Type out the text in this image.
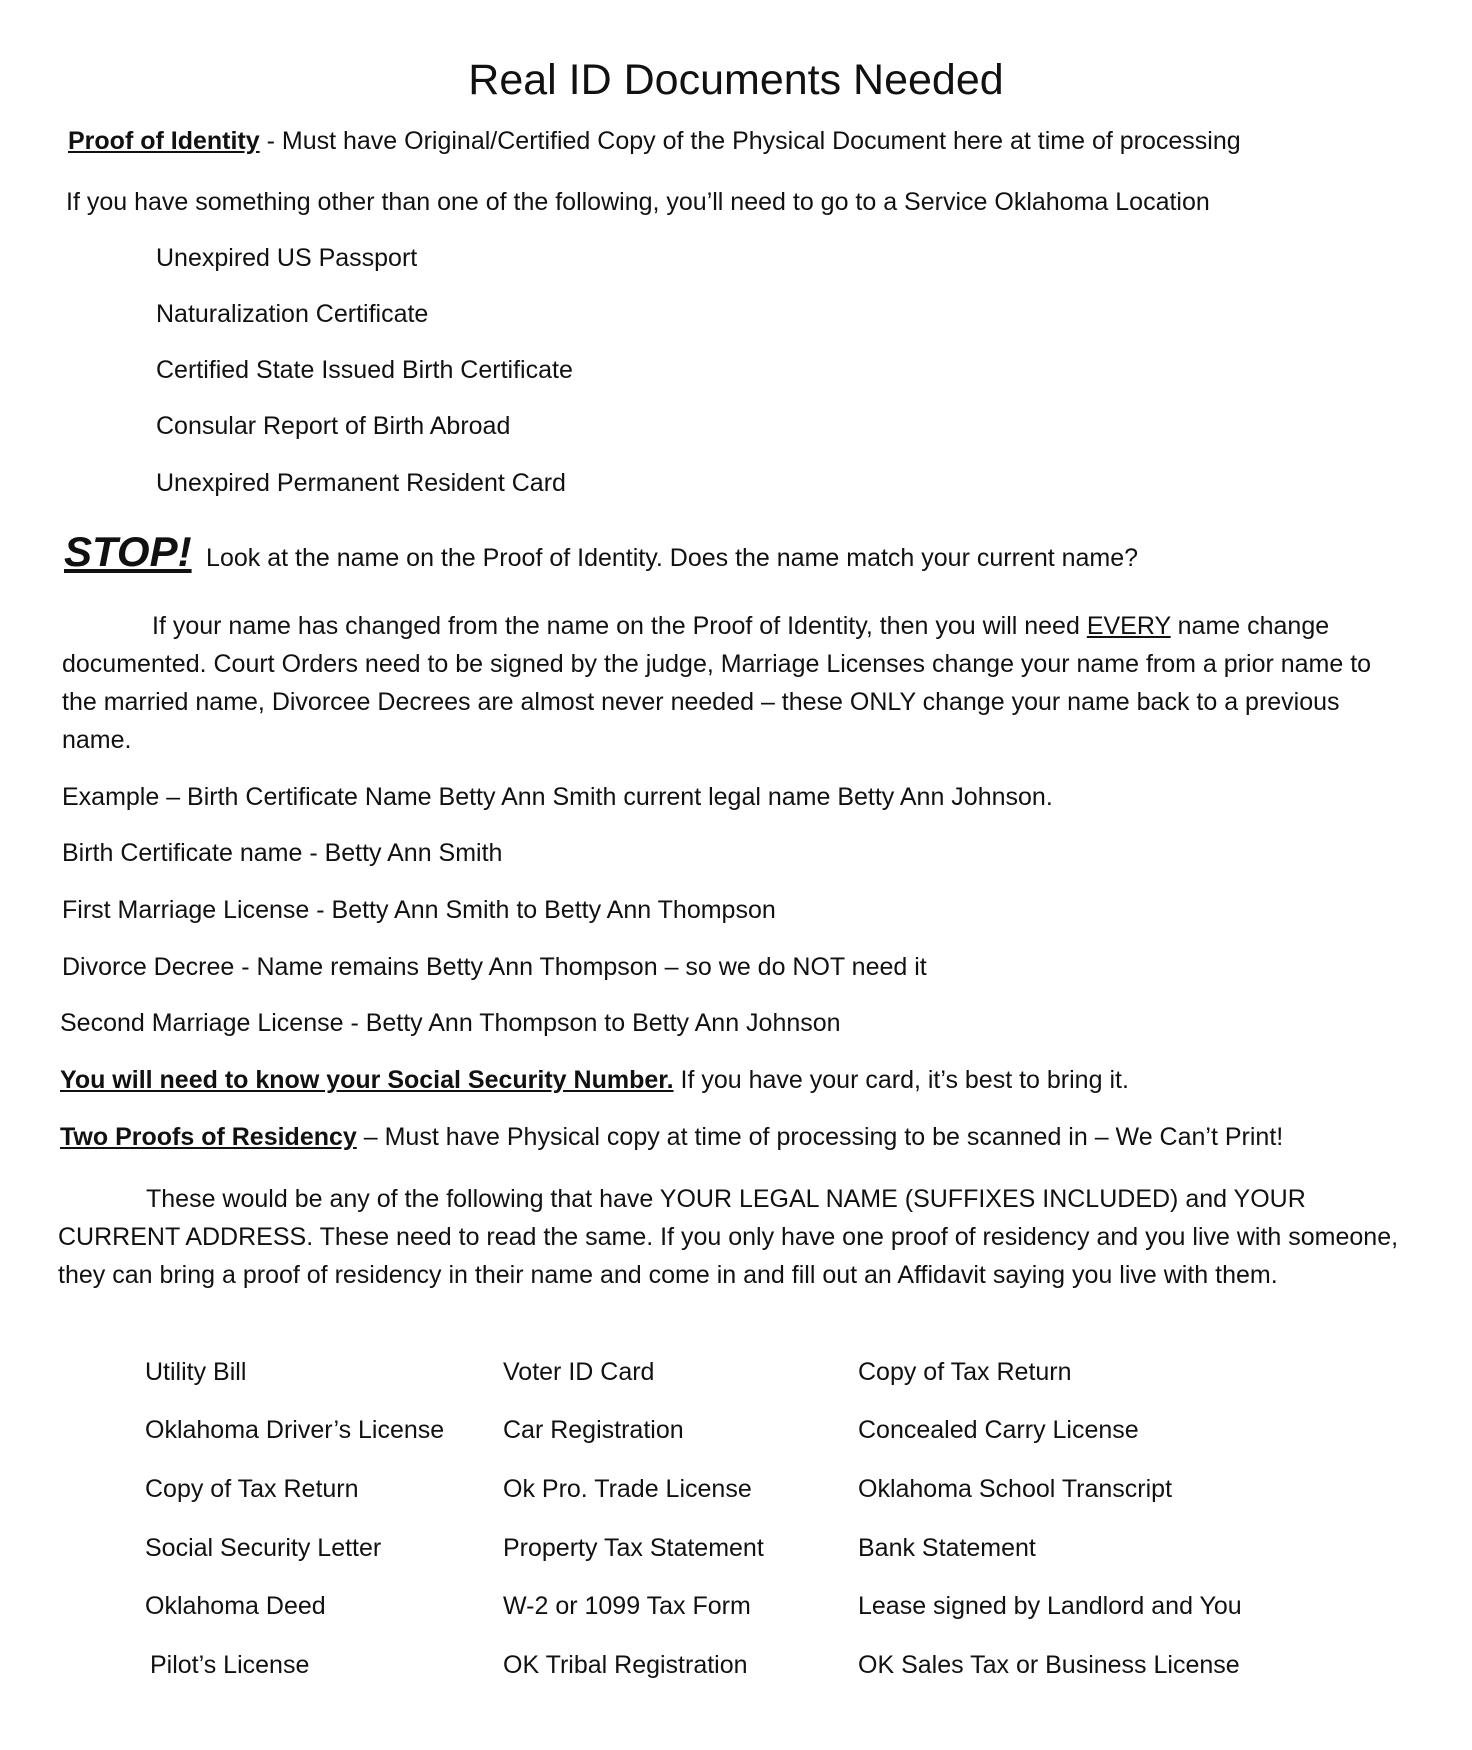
Real ID Documents Needed
Proof of Identity - Must have Original/Certified Copy of the Physical Document here at time of processing
If you have something other than one of the following, you’ll need to go to a Service Oklahoma Location
Unexpired US Passport
Naturalization Certificate
Certified State Issued Birth Certificate
Consular Report of Birth Abroad
Unexpired Permanent Resident Card
STOP! Look at the name on the Proof of Identity. Does the name match your current name?
If your name has changed from the name on the Proof of Identity, then you will need EVERY name change documented. Court Orders need to be signed by the judge, Marriage Licenses change your name from a prior name to the married name, Divorcee Decrees are almost never needed – these ONLY change your name back to a previous name.
Example – Birth Certificate Name Betty Ann Smith current legal name Betty Ann Johnson.
Birth Certificate name - Betty Ann Smith
First Marriage License - Betty Ann Smith to Betty Ann Thompson
Divorce Decree - Name remains Betty Ann Thompson – so we do NOT need it
Second Marriage License - Betty Ann Thompson to Betty Ann Johnson
You will need to know your Social Security Number. If you have your card, it’s best to bring it.
Two Proofs of Residency – Must have Physical copy at time of processing to be scanned in – We Can’t Print!
These would be any of the following that have YOUR LEGAL NAME (SUFFIXES INCLUDED) and YOUR CURRENT ADDRESS. These need to read the same. If you only have one proof of residency and you live with someone, they can bring a proof of residency in their name and come in and fill out an Affidavit saying you live with them.
Utility Bill
Oklahoma Driver’s License
Copy of Tax Return
Social Security Letter
Oklahoma Deed
Pilot’s License
Voter ID Card
Car Registration
Ok Pro. Trade License
Property Tax Statement
W-2 or 1099 Tax Form
OK Tribal Registration
Copy of Tax Return
Concealed Carry License
Oklahoma School Transcript
Bank Statement
Lease signed by Landlord and You
OK Sales Tax or Business License
